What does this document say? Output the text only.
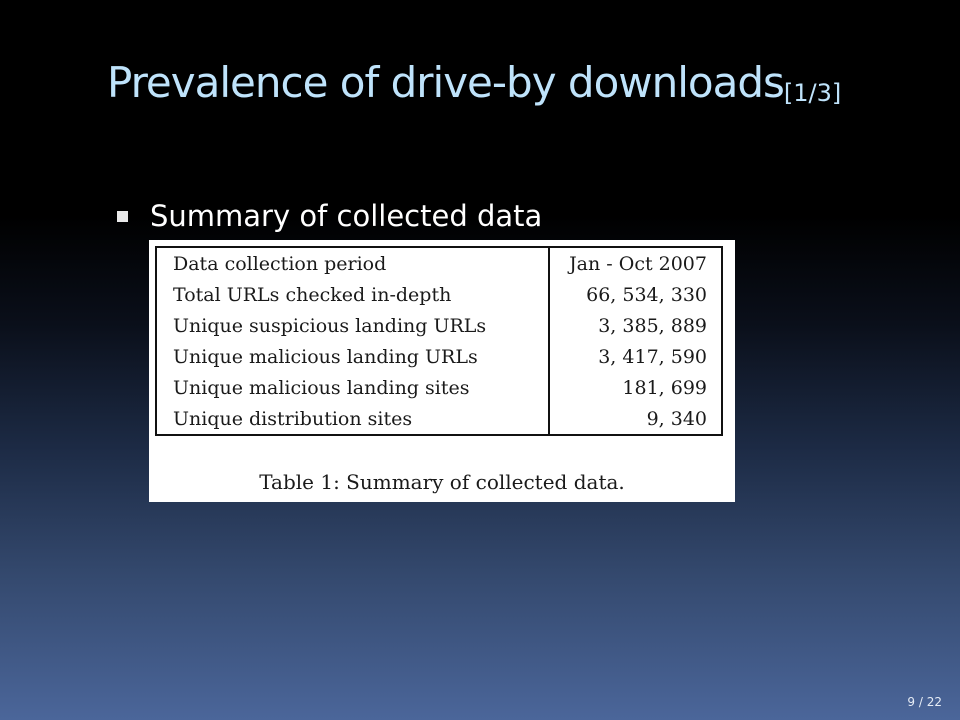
Prevalence of drive-by downloads[1/3]
Summary of collected data
Data collection period	Jan - Oct 2007
Total URLs checked in-depth	66, 534, 330
Unique suspicious landing URLs	3, 385, 889
Unique malicious landing URLs	3, 417, 590
Unique malicious landing sites	181, 699
Unique distribution sites	9, 340
Table 1: Summary of collected data.
9 / 22
